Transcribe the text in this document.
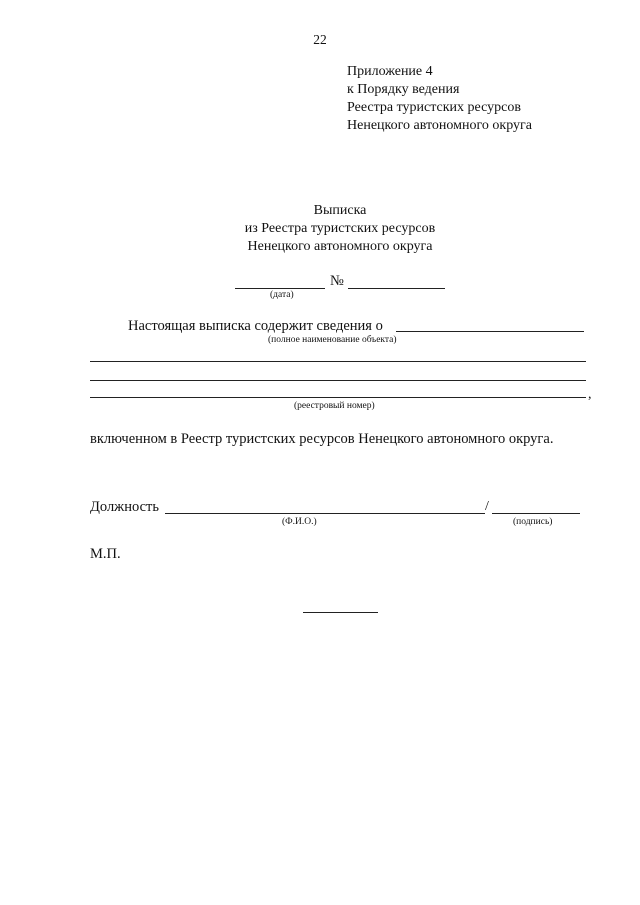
22
Приложение 4
к Порядку ведения
Реестра туристских ресурсов
Ненецкого автономного округа
Выписка
из Реестра туристских ресурсов
Ненецкого автономного округа
№
(дата)
Настоящая выписка содержит сведения о
(полное наименование объекта)
,
(реестровый номер)
включенном в Реестр туристских ресурсов Ненецкого автономного округа.
Должность	/
(Ф.И.О.)	(подпись)
М.П.
